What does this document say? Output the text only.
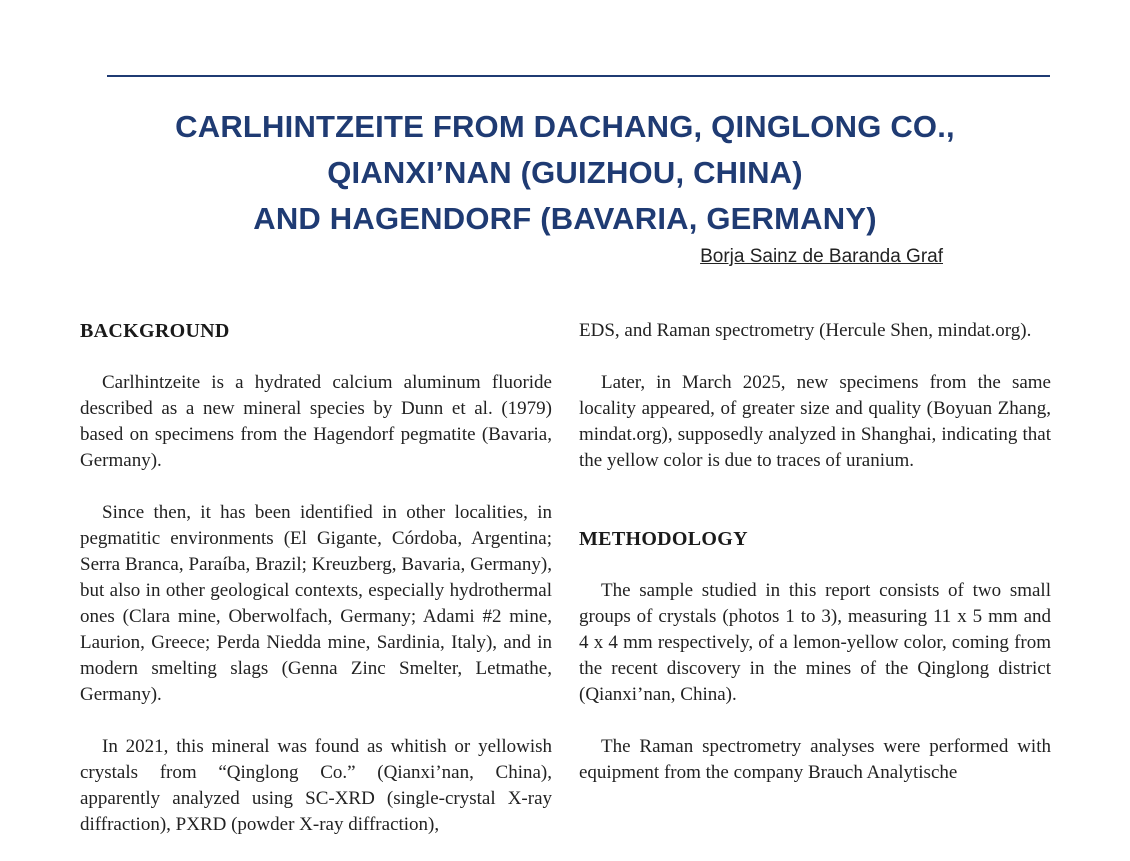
CARLHINTZEITE FROM DACHANG, QINGLONG CO.,
QIANXI’NAN (GUIZHOU, CHINA)
AND HAGENDORF (BAVARIA, GERMANY)
Borja Sainz de Baranda Graf
BACKGROUND

Carlhintzeite is a hydrated calcium aluminum fluoride described as a new mineral species by Dunn et al. (1979) based on specimens from the Hagendorf pegmatite (Bavaria, Germany).

Since then, it has been identified in other localities, in pegmatitic environments (El Gigante, Córdoba, Argentina; Serra Branca, Paraíba, Brazil; Kreuzberg, Bavaria, Germany), but also in other geological contexts, especially hydrothermal ones (Clara mine, Oberwolfach, Germany; Adami #2 mine, Laurion, Greece; Perda Niedda mine, Sardinia, Italy), and in modern smelting slags (Genna Zinc Smelter, Letmathe, Germany).

In 2021, this mineral was found as whitish or yellowish crystals from “Qinglong Co.” (Qianxi’nan, China), apparently analyzed using SC-XRD (single-crystal X-ray diffraction), PXRD (powder X-ray diffraction),

EDS, and Raman spectrometry (Hercule Shen, mindat.org).

Later, in March 2025, new specimens from the same locality appeared, of greater size and quality (Boyuan Zhang, mindat.org), supposedly analyzed in Shanghai, indicating that the yellow color is due to traces of uranium.

METHODOLOGY

The sample studied in this report consists of two small groups of crystals (photos 1 to 3), measuring 11 x 5 mm and 4 x 4 mm respectively, of a lemon-yellow color, coming from the recent discovery in the mines of the Qinglong district (Qianxi’nan, China).

The Raman spectrometry analyses were performed with equipment from the company Brauch Analytische
